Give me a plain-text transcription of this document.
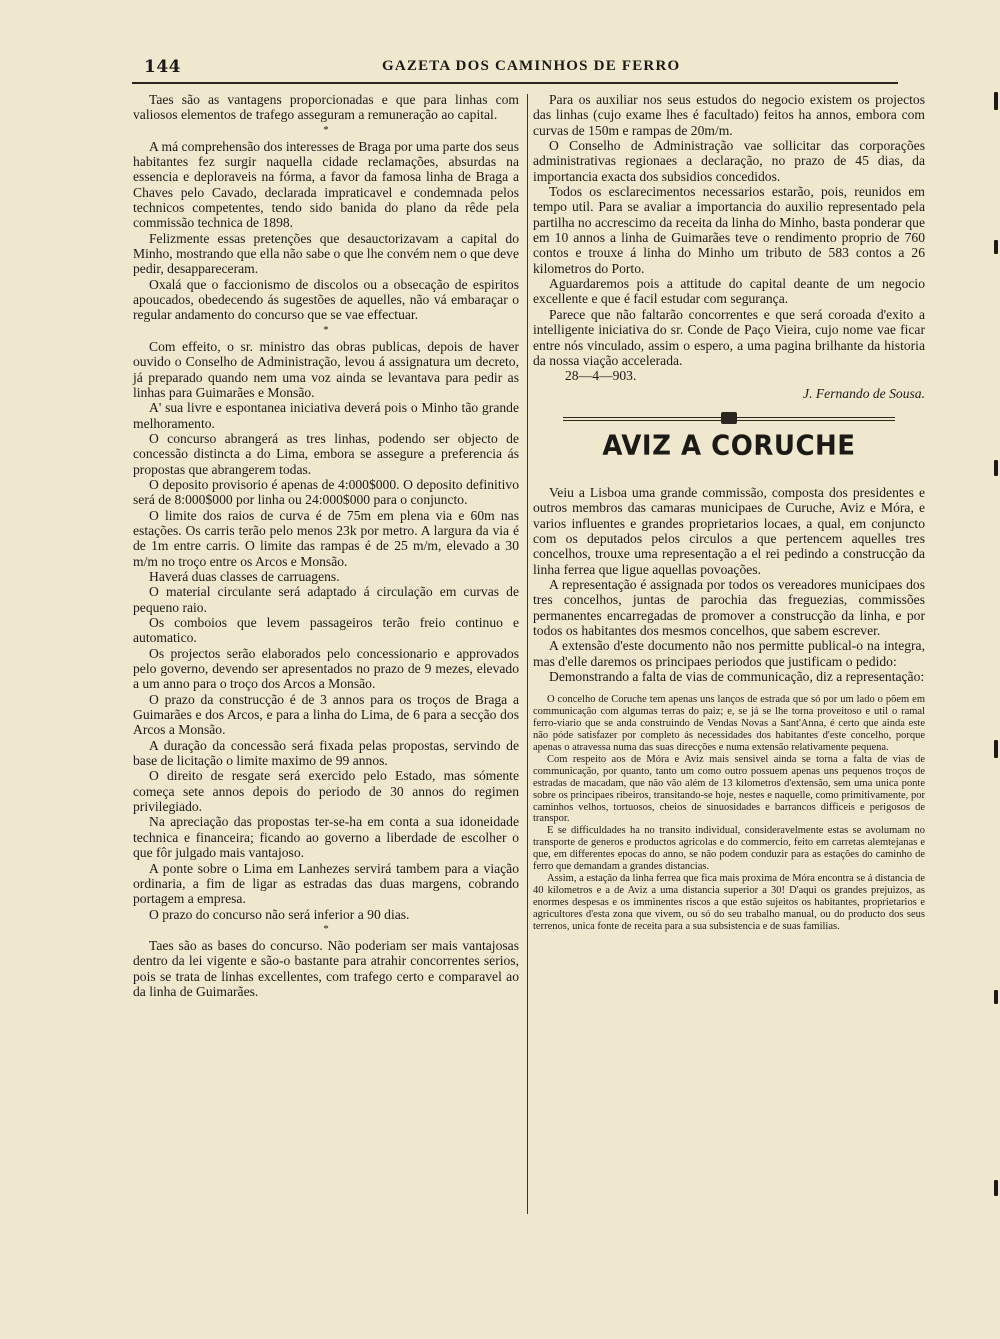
144	GAZETA DOS CAMINHOS DE FERRO

Taes são as vantagens proporcionadas e que para linhas com valiosos elementos de trafego asseguram a remuneração ao capital.

*

A má comprehensão dos interesses de Braga por uma parte dos seus habitantes fez surgir naquella cidade reclamações, absurdas na essencia e deploraveis na fórma, a favor da famosa linha de Braga a Chaves pelo Cavado, declarada impraticavel e condemnada pelos technicos competentes, tendo sido banida do plano da rêde pela commissão technica de 1898.

Felizmente essas pretenções que desauctorizavam a capital do Minho, mostrando que ella não sabe o que lhe convém nem o que deve pedir, desappareceram.

Oxalá que o faccionismo de discolos ou a obsecação de espiritos apoucados, obedecendo ás sugestões de aquelles, não vá embaraçar o regular andamento do concurso que se vae effectuar.

*

Com effeito, o sr. ministro das obras publicas, depois de haver ouvido o Conselho de Administração, levou á assignatura um decreto, já preparado quando nem uma voz ainda se levantava para pedir as linhas para Guimarães e Monsão.

A' sua livre e espontanea iniciativa deverá pois o Minho tão grande melhoramento.

O concurso abrangerá as tres linhas, podendo ser objecto de concessão distincta a do Lima, embora se assegure a preferencia ás propostas que abrangerem todas.

O deposito provisorio é apenas de 4:000$000. O deposito definitivo será de 8:000$000 por linha ou 24:000$000 para o conjuncto.

O limite dos raios de curva é de 75m em plena via e 60m nas estações. Os carris terão pelo menos 23k por metro. A largura da via é de 1m entre carris. O limite das rampas é de 25 m/m, elevado a 30 m/m no troço entre os Arcos e Monsão.

Haverá duas classes de carruagens.

O material circulante será adaptado á circulação em curvas de pequeno raio.

Os comboios que levem passageiros terão freio continuo e automatico.

Os projectos serão elaborados pelo concessionario e approvados pelo governo, devendo ser apresentados no prazo de 9 mezes, elevado a um anno para o troço dos Arcos a Monsão.

O prazo da construcção é de 3 annos para os troços de Braga a Guimarães e dos Arcos, e para a linha do Lima, de 6 para a secção dos Arcos a Monsão.

A duração da concessão será fixada pelas propostas, servindo de base de licitação o limite maximo de 99 annos.

O direito de resgate será exercido pelo Estado, mas sómente começa sete annos depois do periodo de 30 annos do regimen privilegiado.

Na apreciação das propostas ter-se-ha em conta a sua idoneidade technica e financeira; ficando ao governo a liberdade de escolher o que fôr julgado mais vantajoso.

A ponte sobre o Lima em Lanhezes servirá tambem para a viação ordinaria, a fim de ligar as estradas das duas margens, cobrando portagem a empresa.

O prazo do concurso não será inferior a 90 dias.

*

Taes são as bases do concurso. Não poderiam ser mais vantajosas dentro da lei vigente e são-o bastante para atrahir concorrentes serios, pois se trata de linhas excellentes, com trafego certo e comparavel ao da linha de Guimarães.

Para os auxiliar nos seus estudos do negocio existem os projectos das linhas (cujo exame lhes é facultado) feitos ha annos, embora com curvas de 150m e rampas de 20m/m.

O Conselho de Administração vae sollicitar das corporações administrativas regionaes a declaração, no prazo de 45 dias, da importancia exacta dos subsidios concedidos.

Todos os esclarecimentos necessarios estarão, pois, reunidos em tempo util. Para se avaliar a importancia do auxilio representado pela partilha no accrescimo da receita da linha do Minho, basta ponderar que em 10 annos a linha de Guimarães teve o rendimento proprio de 760 contos e trouxe á linha do Minho um tributo de 583 contos a 26 kilometros do Porto.

Aguardaremos pois a attitude do capital deante de um negocio excellente e que é facil estudar com segurança.

Parece que não faltarão concorrentes e que será coroada d'exito a intelligente iniciativa do sr. Conde de Paço Vieira, cujo nome vae ficar entre nós vinculado, assim o espero, a uma pagina brilhante da historia da nossa viação accelerada.

28—4—903.

J. Fernando de Sousa.

AVIZ A CORUCHE

Veiu a Lisboa uma grande commissão, composta dos presidentes e outros membros das camaras municipaes de Curuche, Aviz e Móra, e varios influentes e grandes proprietarios locaes, a qual, em conjuncto com os deputados pelos circulos a que pertencem aquelles tres concelhos, trouxe uma representação a el rei pedindo a construcção da linha ferrea que ligue aquellas povoações.

A representação é assignada por todos os vereadores municipaes dos tres concelhos, juntas de parochia das freguezias, commissões permanentes encarregadas de promover a construcção da linha, e por todos os habitantes dos mesmos concelhos, que sabem escrever.

A extensão d'este documento não nos permitte publical-o na integra, mas d'elle daremos os principaes periodos que justificam o pedido:

Demonstrando a falta de vias de communicação, diz a representação:

O concelho de Coruche tem apenas uns lanços de estrada que só por um lado o põem em communicação com algumas terras do paiz; e, se já se lhe torna proveitoso e util o ramal ferro-viario que se anda construindo de Vendas Novas a Sant'Anna, é certo que ainda este não póde satisfazer por completo ás necessidades dos habitantes d'este concelho, porque apenas o atravessa numa das suas direcções e numa extensão relativamente pequena.

Com respeito aos de Móra e Aviz mais sensivel ainda se torna a falta de vias de communicação, por quanto, tanto um como outro possuem apenas uns pequenos troços de estradas de macadam, que não vão além de 13 kilometros d'extensão, sem uma unica ponte sobre os principaes ribeiros, transitando-se hoje, nestes e naquelle, como primitivamente, por caminhos velhos, tortuosos, cheios de sinuosidades e barrancos difficeis e perigosos de transpor.

E se difficuldades ha no transito individual, consideravelmente estas se avolumam no transporte de generos e productos agricolas e do commercio, feito em carretas alemtejanas e que, em differentes epocas do anno, se não podem conduzir para as estações do caminho de ferro que demandam a grandes distancias.

Assim, a estação da linha ferrea que fica mais proxima de Móra encontra se á distancia de 40 kilometros e a de Aviz a uma distancia superior a 30! D'aqui os grandes prejuizos, as enormes despesas e os imminentes riscos a que estão sujeitos os habitantes, proprietarios e agricultores d'esta zona que vivem, ou só do seu trabalho manual, ou do producto dos seus terrenos, unica fonte de receita para a sua subsistencia e de suas familias.
